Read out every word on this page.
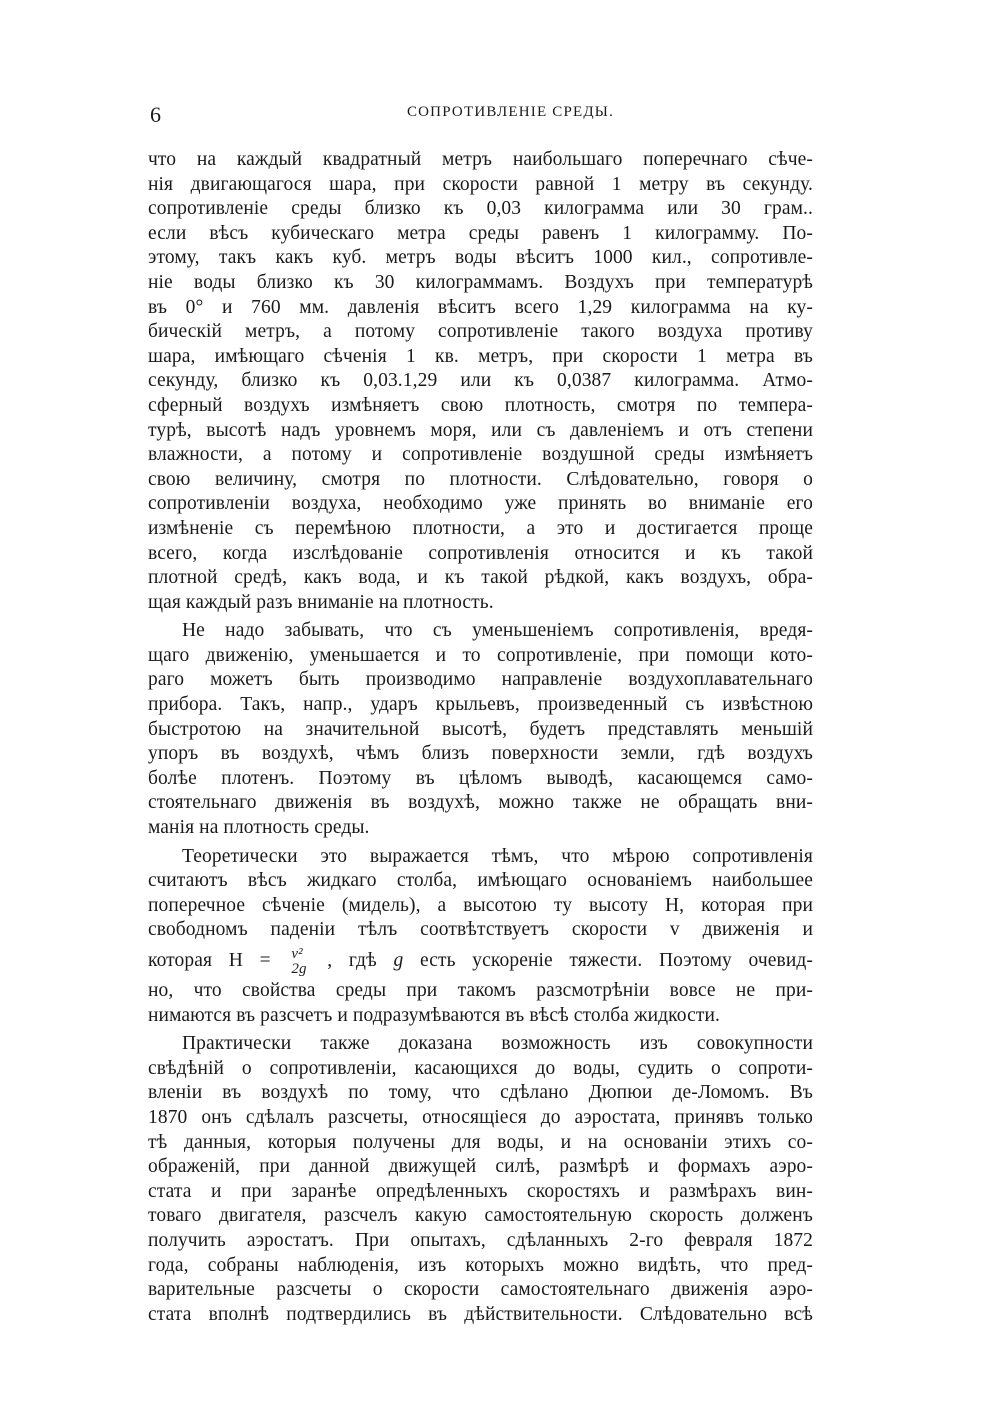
6	СОПРОТИВЛЕНІЕ СРЕДЫ.
что на каждый квадратный метръ наибольшаго поперечнаго сѣче-
нія двигающагося шара, при скорости равной 1 метру въ секунду.
сопротивленіе среды близко къ 0,03 килограмма или 30 грам..
если вѣсъ кубическаго метра среды равенъ 1 килограмму. По-
этому, такъ какъ куб. метръ воды вѣситъ 1000 кил., сопротивле-
ніе воды близко къ 30 килограммамъ. Воздухъ при температурѣ
въ 0° и 760 мм. давленія вѣситъ всего 1,29 килограмма на ку-
бическій метръ, а потому сопротивленіе такого воздуха противу
шара, имѣющаго сѣченія 1 кв. метръ, при скорости 1 метра въ
секунду, близко къ 0,03.1,29 или къ 0,0387 килограмма. Атмо-
сферный воздухъ измѣняетъ свою плотность, смотря по темпера-
турѣ, высотѣ надъ уровнемъ моря, или съ давленіемъ и отъ степени
влажности, а потому и сопротивленіе воздушной среды измѣняетъ
свою величину, смотря по плотности. Слѣдовательно, говоря о
сопротивленіи воздуха, необходимо уже принять во вниманіе его
измѣненіе съ перемѣною плотности, а это и достигается проще
всего, когда изслѣдованіе сопротивленія относится и къ такой
плотной средѣ, какъ вода, и къ такой рѣдкой, какъ воздухъ, обра-
щая каждый разъ вниманіе на плотность.
Не надо забывать, что съ уменьшеніемъ сопротивленія, вредя-
щаго движенію, уменьшается и то сопротивленіе, при помощи кото-
раго можетъ быть производимо направленіе воздухоплавательнаго
прибора. Такъ, напр., ударъ крыльевъ, произведенный съ извѣстною
быстротою на значительной высотѣ, будетъ представлять меньшій
упоръ въ воздухѣ, чѣмъ близъ поверхности земли, гдѣ воздухъ
болѣе плотенъ. Поэтому въ цѣломъ выводѣ, касающемся само-
стоятельнаго движенія въ воздухѣ, можно также не обращать вни-
манія на плотность среды.
Теоретически это выражается тѣмъ, что мѣрою сопротивленія
считаютъ вѣсъ жидкаго столба, имѣющаго основаніемъ наибольшее
поперечное сѣченіе (мидель), а высотою ту высоту H, которая при
свободномъ паденіи тѣлъ соотвѣтствуетъ скорости v движенія и
которая H = v²
2g , гдѣ g есть ускореніе тяжести. Поэтому очевид-
но, что свойства среды при такомъ разсмотрѣніи вовсе не при-
нимаются въ разсчетъ и подразумѣваются въ вѣсѣ столба жидкости.
Практически также доказана возможность изъ совокупности
свѣдѣній о сопротивленіи, касающихся до воды, судить о сопроти-
вленіи въ воздухѣ по тому, что сдѣлано Дюпюи де-Ломомъ. Въ
1870 онъ сдѣлалъ разсчеты, относящіеся до аэростата, принявъ только
тѣ данныя, которыя получены для воды, и на основаніи этихъ со-
ображеній, при данной движущей силѣ, размѣрѣ и формахъ аэро-
стата и при заранѣе опредѣленныхъ скоростяхъ и размѣрахъ вин-
товаго двигателя, разсчелъ какую самостоятельную скорость долженъ
получить аэростатъ. При опытахъ, сдѣланныхъ 2-го февраля 1872
года, собраны наблюденія, изъ которыхъ можно видѣть, что пред-
варительные разсчеты о скорости самостоятельнаго движенія аэро-
стата вполнѣ подтвердились въ дѣйствительности. Слѣдовательно всѣ
